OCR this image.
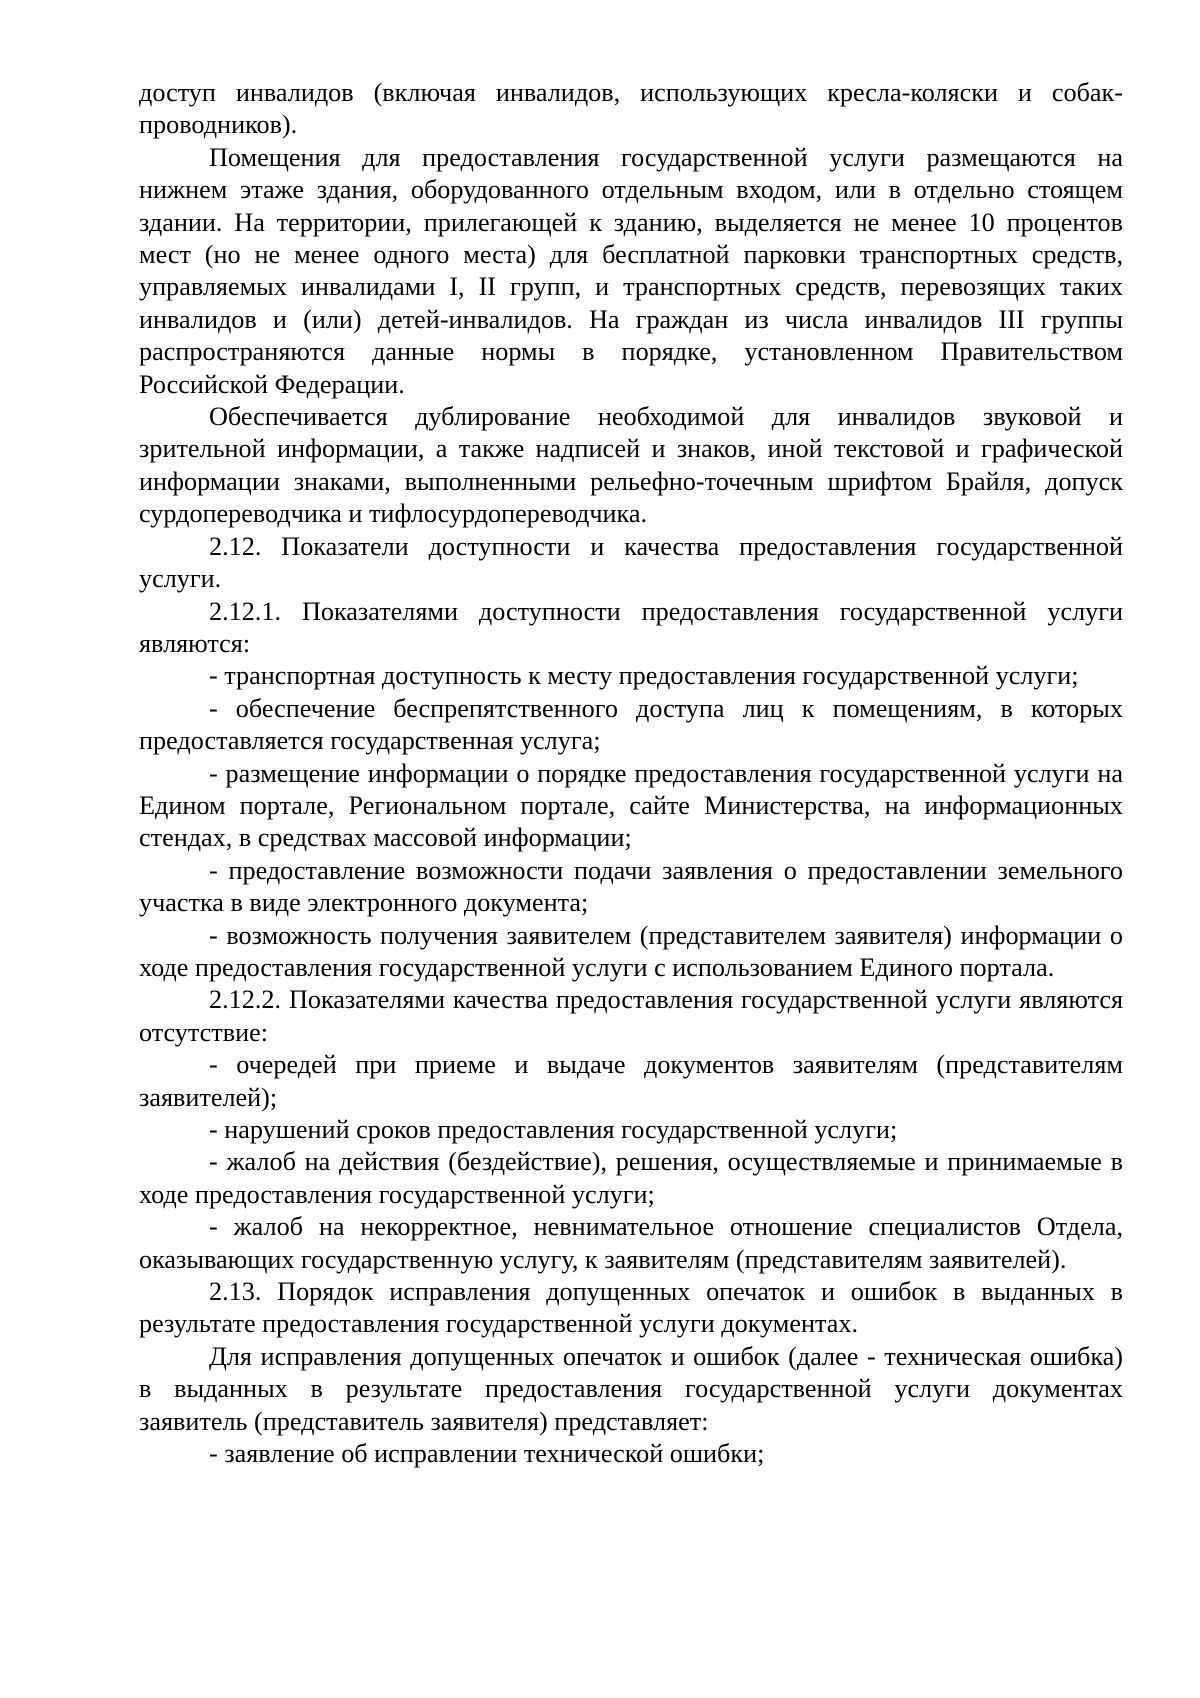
доступ инвалидов (включая инвалидов, использующих кресла-коляски и собак-проводников).

Помещения для предоставления государственной услуги размещаются на нижнем этаже здания, оборудованного отдельным входом, или в отдельно стоящем здании. На территории, прилегающей к зданию, выделяется не менее 10 процентов мест (но не менее одного места) для бесплатной парковки транспортных средств, управляемых инвалидами I, II групп, и транспортных средств, перевозящих таких инвалидов и (или) детей-инвалидов. На граждан из числа инвалидов III группы распространяются данные нормы в порядке, установленном Правительством Российской Федерации.

Обеспечивается дублирование необходимой для инвалидов звуковой и зрительной информации, а также надписей и знаков, иной текстовой и графической информации знаками, выполненными рельефно-точечным шрифтом Брайля, допуск сурдопереводчика и тифлосурдопереводчика.

2.12. Показатели доступности и качества предоставления государственной услуги.

2.12.1. Показателями доступности предоставления государственной услуги являются:

- транспортная доступность к месту предоставления государственной услуги;

- обеспечение беспрепятственного доступа лиц к помещениям, в которых предоставляется государственная услуга;

- размещение информации о порядке предоставления государственной услуги на Едином портале, Региональном портале, сайте Министерства, на информационных стендах, в средствах массовой информации;

- предоставление возможности подачи заявления о предоставлении земельного участка в виде электронного документа;

- возможность получения заявителем (представителем заявителя) информации о ходе предоставления государственной услуги с использованием Единого портала.

2.12.2. Показателями качества предоставления государственной услуги являются отсутствие:

- очередей при приеме и выдаче документов заявителям (представителям заявителей);

- нарушений сроков предоставления государственной услуги;

- жалоб на действия (бездействие), решения, осуществляемые и принимаемые в ходе предоставления государственной услуги;

- жалоб на некорректное, невнимательное отношение специалистов Отдела, оказывающих государственную услугу, к заявителям (представителям заявителей).

2.13. Порядок исправления допущенных опечаток и ошибок в выданных в результате предоставления государственной услуги документах.

Для исправления допущенных опечаток и ошибок (далее - техническая ошибка) в выданных в результате предоставления государственной услуги документах заявитель (представитель заявителя) представляет:

- заявление об исправлении технической ошибки;
